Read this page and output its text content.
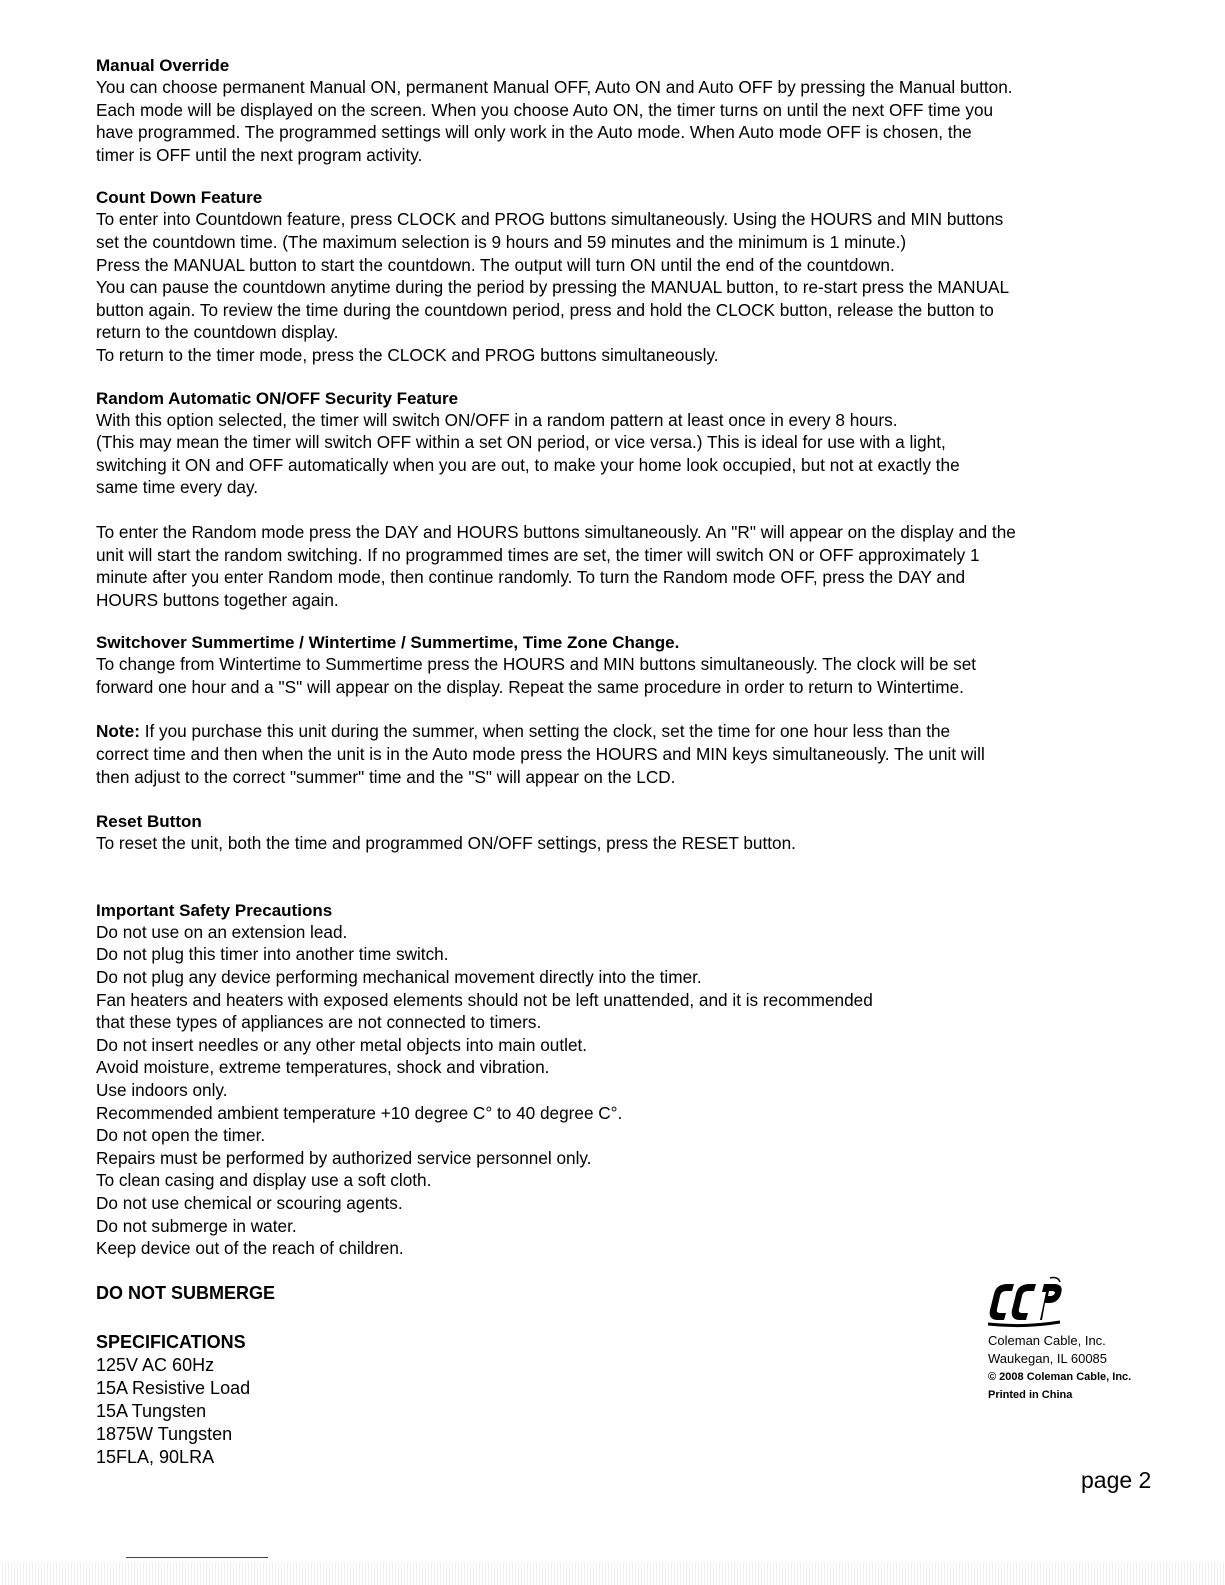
Manual Override

You can choose permanent Manual ON, permanent Manual OFF, Auto ON and Auto OFF by pressing the Manual button.

Each mode will be displayed on the screen. When you choose Auto ON, the timer turns on until the next OFF time you

have programmed. The programmed settings will only work in the Auto mode. When Auto mode OFF is chosen, the

timer is OFF until the next program activity.

Count Down Feature

To enter into Countdown feature, press CLOCK and PROG buttons simultaneously. Using the HOURS and MIN buttons

set the countdown time. (The maximum selection is 9 hours and 59 minutes and the minimum is 1 minute.)

Press the MANUAL button to start the countdown. The output will turn ON until the end of the countdown.

You can pause the countdown anytime during the period by pressing the MANUAL button, to re-start press the MANUAL

button again. To review the time during the countdown period, press and hold the CLOCK button, release the button to

return to the countdown display.

To return to the timer mode, press the CLOCK and PROG buttons simultaneously.

Random Automatic ON/OFF Security Feature

With this option selected, the timer will switch ON/OFF in a random pattern at least once in every 8 hours.

(This may mean the timer will switch OFF within a set ON period, or vice versa.) This is ideal for use with a light,

switching it ON and OFF automatically when you are out, to make your home look occupied, but not at exactly the

same time every day.

To enter the Random mode press the DAY and HOURS buttons simultaneously. An "R" will appear on the display and the

unit will start the random switching. If no programmed times are set, the timer will switch ON or OFF approximately 1

minute after you enter Random mode, then continue randomly. To turn the Random mode OFF, press the DAY and

HOURS buttons together again.

Switchover Summertime / Wintertime / Summertime, Time Zone Change.

To change from Wintertime to Summertime press the HOURS and MIN buttons simultaneously. The clock will be set

forward one hour and a "S" will appear on the display. Repeat the same procedure in order to return to Wintertime.

Note: If you purchase this unit during the summer, when setting the clock, set the time for one hour less than the

correct time and then when the unit is in the Auto mode press the HOURS and MIN keys simultaneously. The unit will

then adjust to the correct "summer" time and the "S" will appear on the LCD.

Reset Button

To reset the unit, both the time and programmed ON/OFF settings, press the RESET button.

Important Safety Precautions

Do not use on an extension lead.

Do not plug this timer into another time switch.

Do not plug any device performing mechanical movement directly into the timer.

Fan heaters and heaters with exposed elements should not be left unattended, and it is recommended

that these types of appliances are not connected to timers.

Do not insert needles or any other metal objects into main outlet.

Avoid moisture, extreme temperatures, shock and vibration.

Use indoors only.

Recommended ambient temperature +10 degree C° to 40 degree C°.

Do not open the timer.

Repairs must be performed by authorized service personnel only.

To clean casing and display use a soft cloth.

Do not use chemical or scouring agents.

Do not submerge in water.

Keep device out of the reach of children.

DO NOT SUBMERGE

SPECIFICATIONS

125V AC 60Hz

15A Resistive Load

15A Tungsten

1875W Tungsten

15FLA, 90LRA

Coleman Cable, Inc.

Waukegan, IL 60085

© 2008 Coleman Cable, Inc.

Printed in China

page 2
